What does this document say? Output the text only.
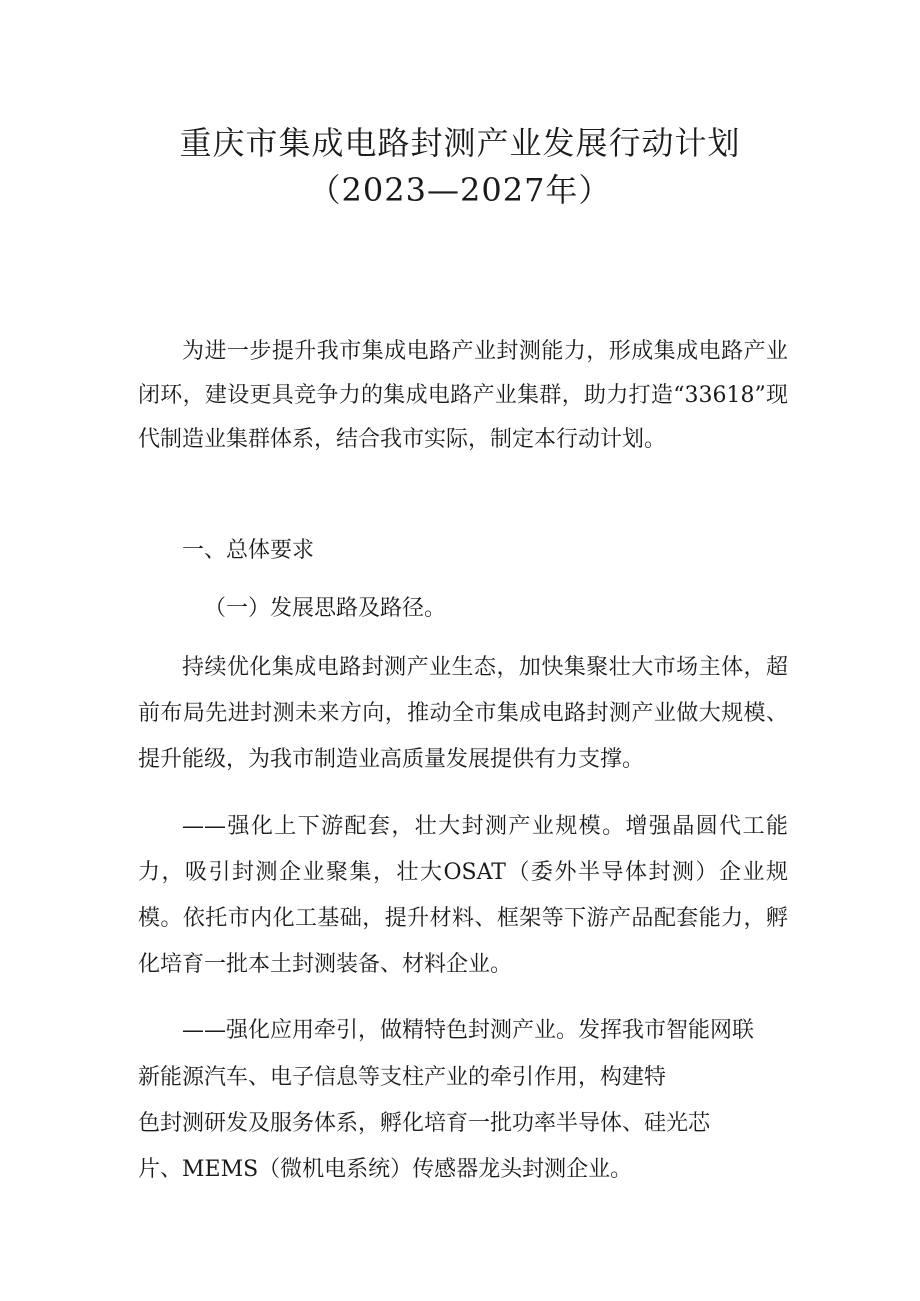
重庆市集成电路封测产业发展行动计划
（2023—2027年）

为进一步提升我市集成电路产业封测能力，形成集成电路产业闭环，建设更具竞争力的集成电路产业集群，助力打造“33618”现代制造业集群体系，结合我市实际，制定本行动计划。

一、总体要求

（一）发展思路及路径。

持续优化集成电路封测产业生态，加快集聚壮大市场主体，超前布局先进封测未来方向，推动全市集成电路封测产业做大规模、提升能级，为我市制造业高质量发展提供有力支撑。

——强化上下游配套，壮大封测产业规模。增强晶圆代工能力，吸引封测企业聚集，壮大OSAT（委外半导体封测）企业规模。依托市内化工基础，提升材料、框架等下游产品配套能力，孵化培育一批本土封测装备、材料企业。

——强化应用牵引，做精特色封测产业。发挥我市智能网联
新能源汽车、电子信息等支柱产业的牵引作用，构建特
色封测研发及服务体系，孵化培育一批功率半导体、硅光芯
片、MEMS（微机电系统）传感器龙头封测企业。
